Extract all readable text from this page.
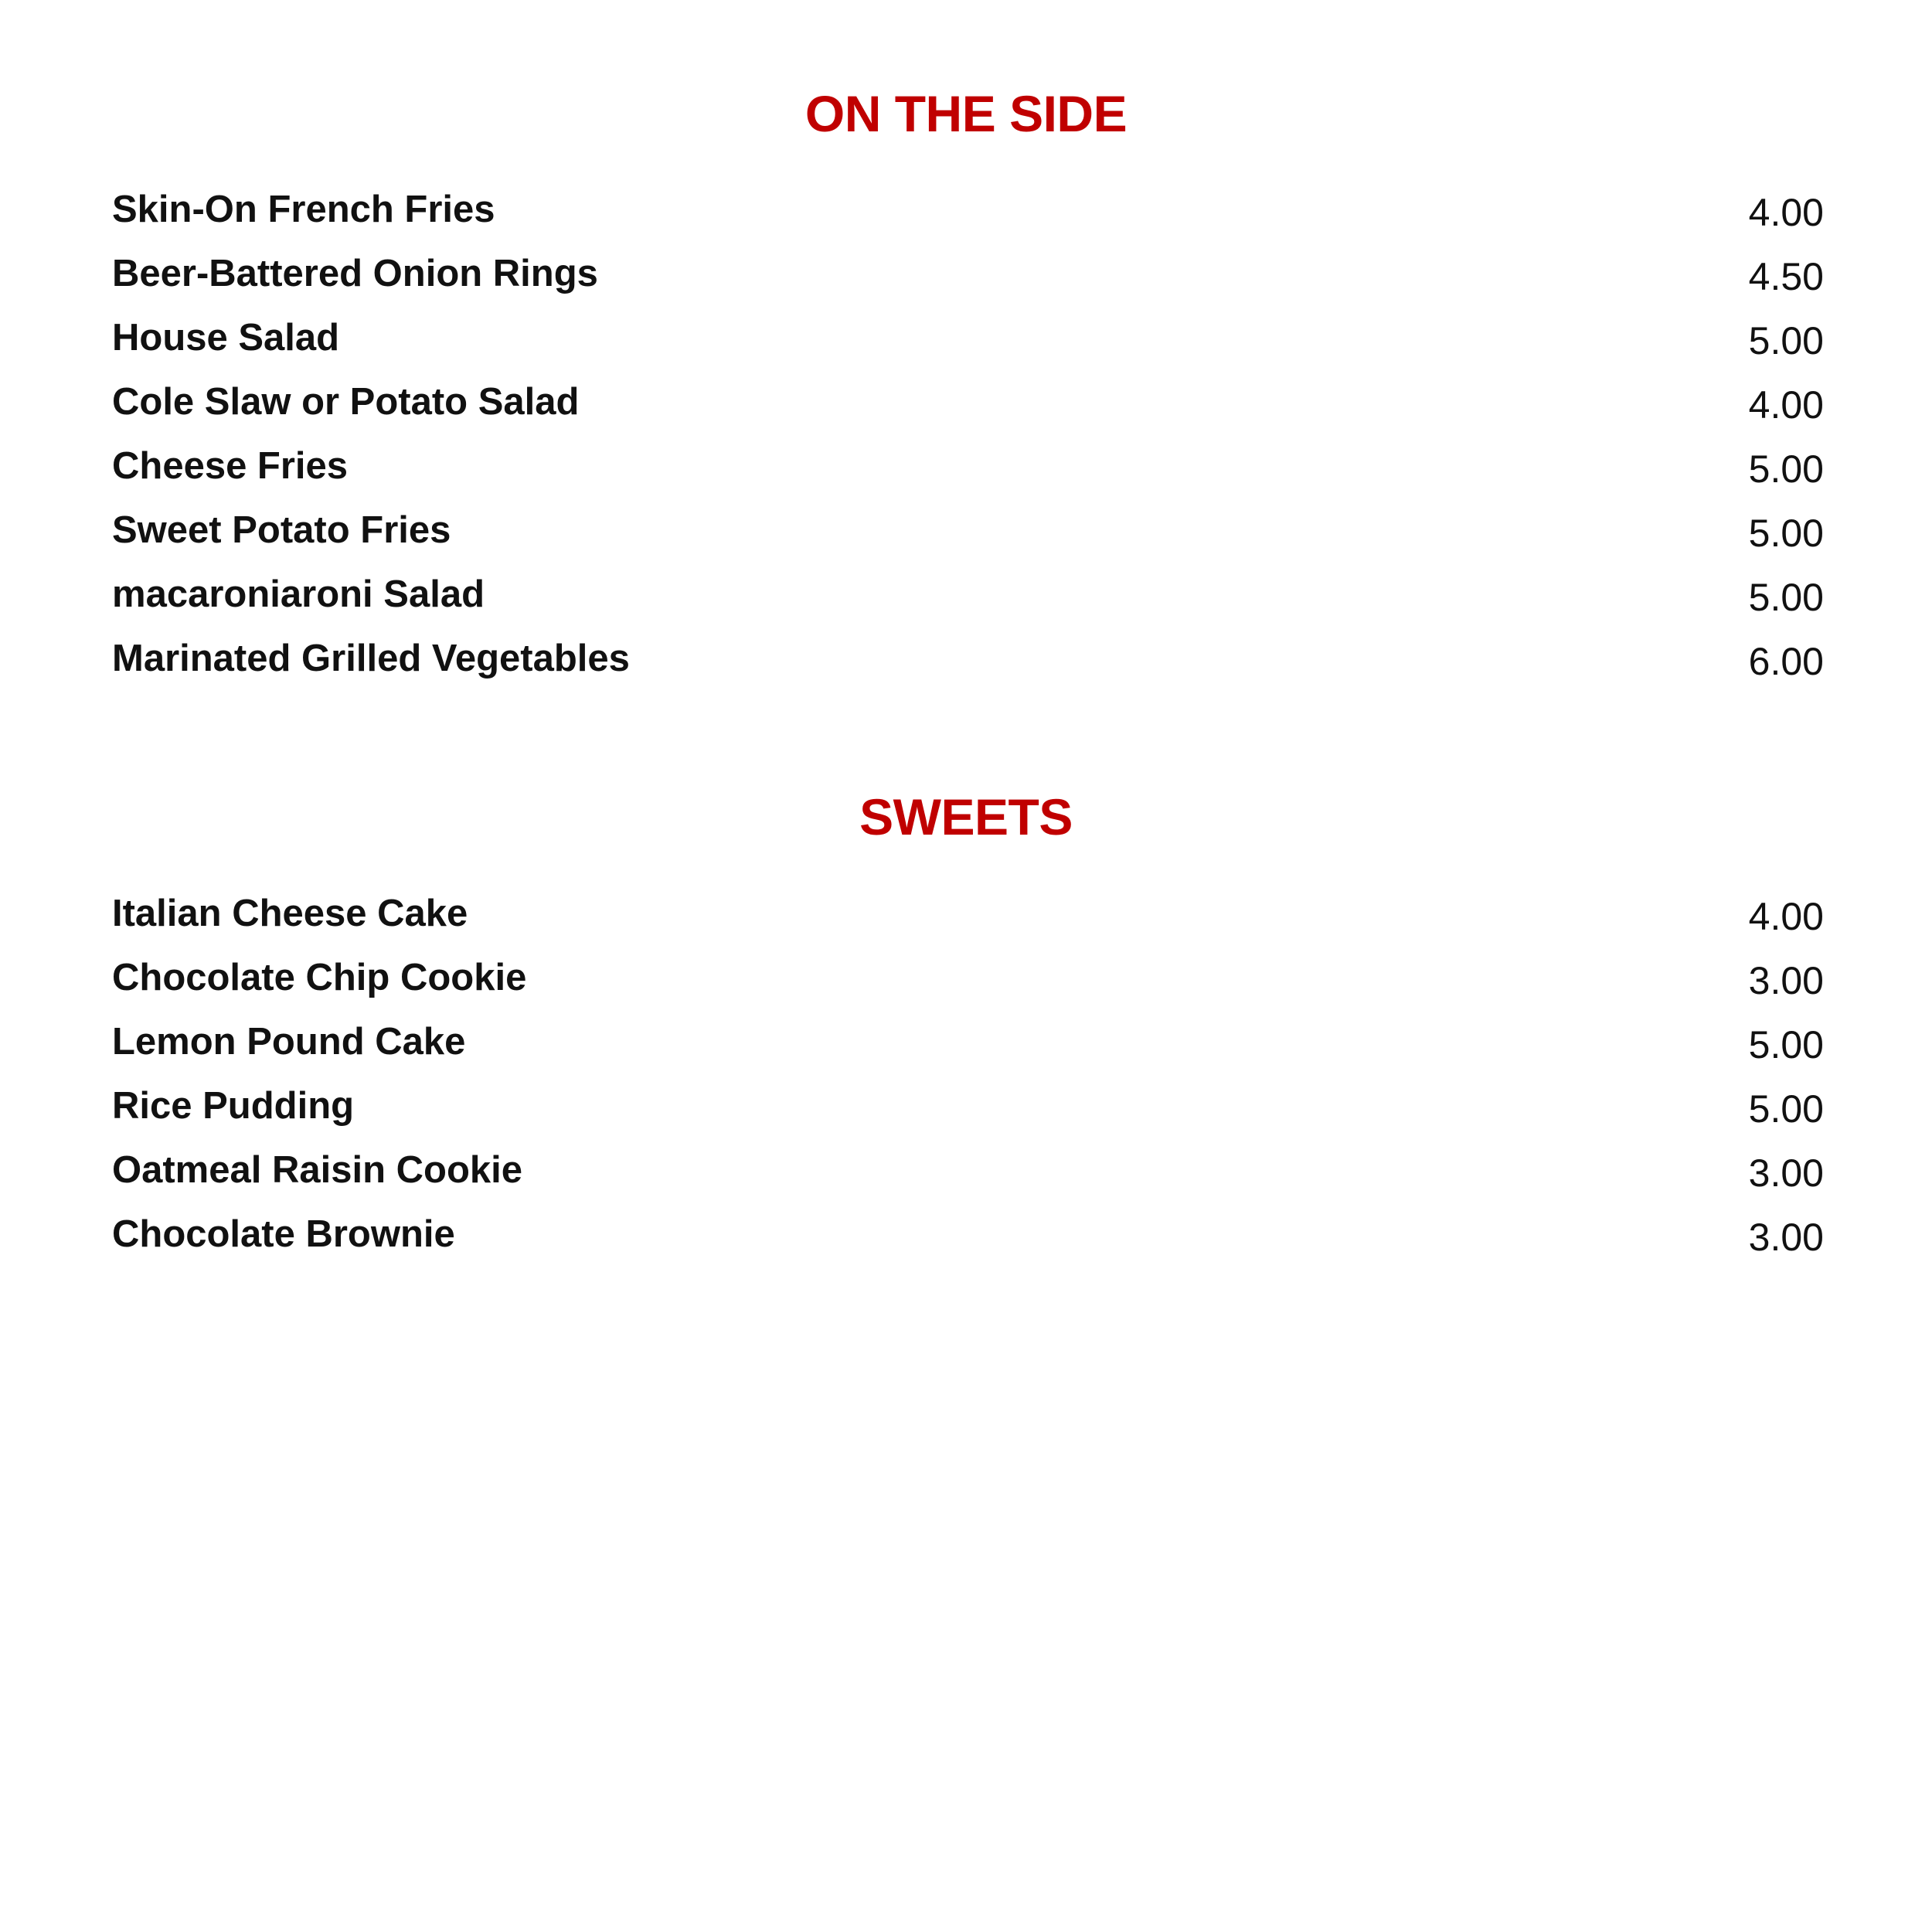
ON THE SIDE
Skin-On French Fries	4.00
Beer-Battered Onion Rings	4.50
House Salad	5.00
Cole Slaw or Potato Salad	4.00
Cheese Fries	5.00
Sweet Potato Fries	5.00
macaroniaroni Salad	5.00
Marinated Grilled Vegetables	6.00
SWEETS
Italian Cheese Cake	4.00
Chocolate Chip Cookie	3.00
Lemon Pound Cake	5.00
Rice Pudding	5.00
Oatmeal Raisin Cookie	3.00
Chocolate Brownie	3.00
